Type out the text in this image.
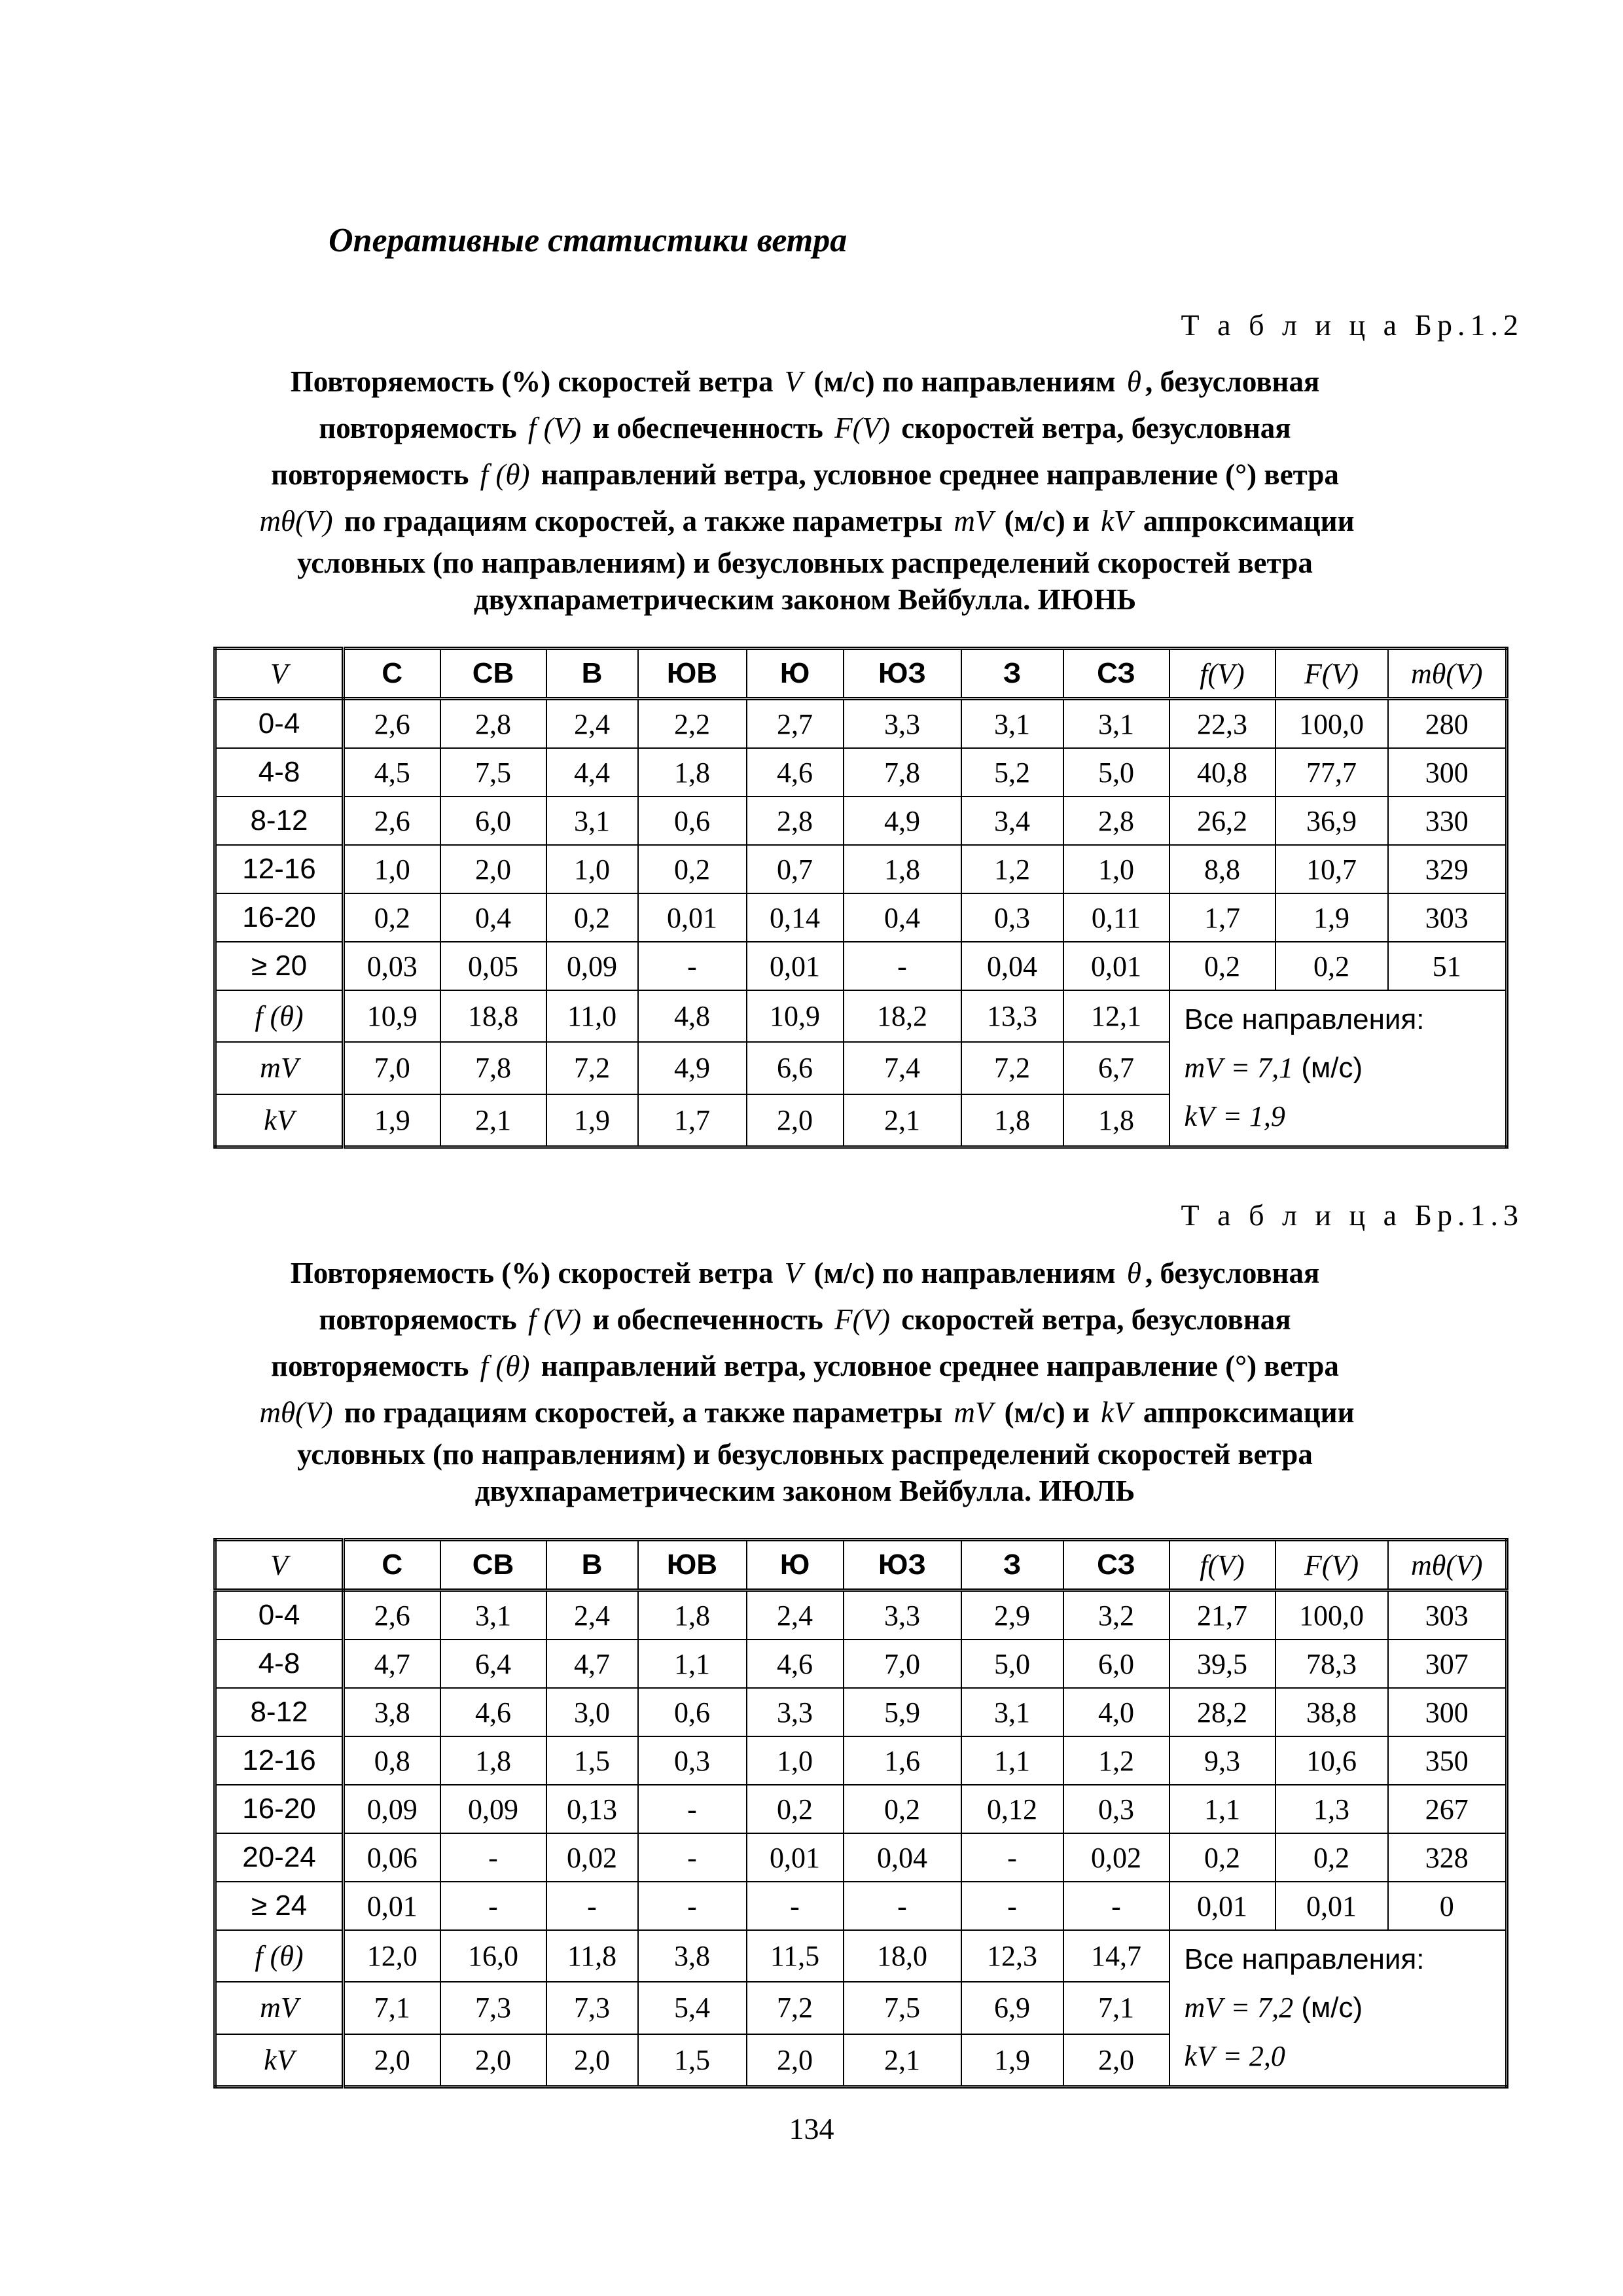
Оперативные статистики ветра
Т а б л и ц а Бр.1.2
Повторяемость (%) скоростей ветра V (м/с) по направлениям θ , безусловная
повторяемость f (V) и обеспеченность F(V) скоростей ветра, безусловная
повторяемость f (θ) направлений ветра, условное среднее направление (°) ветра
mθ(V) по градациям скоростей, а также параметры mV (м/с) и kV аппроксимации
условных (по направлениям) и безусловных распределений скоростей ветра
двухпараметрическим законом Вейбулла. ИЮНЬ
V	С	СВ	В	ЮВ	Ю	ЮЗ	З	СЗ	f(V)	F(V)	mθ(V)
0-4	2,6	2,8	2,4	2,2	2,7	3,3	3,1	3,1	22,3	100,0	280
4-8	4,5	7,5	4,4	1,8	4,6	7,8	5,2	5,0	40,8	77,7	300
8-12	2,6	6,0	3,1	0,6	2,8	4,9	3,4	2,8	26,2	36,9	330
12-16	1,0	2,0	1,0	0,2	0,7	1,8	1,2	1,0	8,8	10,7	329
16-20	0,2	0,4	0,2	0,01	0,14	0,4	0,3	0,11	1,7	1,9	303
≥ 20	0,03	0,05	0,09	-	0,01	-	0,04	0,01	0,2	0,2	51
f (θ)	10,9	18,8	11,0	4,8	10,9	18,2	13,3	12,1	Все направления:
mV = 7,1 (м/с)
kV = 1,9		

mV	7,0	7,8	7,2	4,9	6,6	7,4	7,2	6,7			
kV	1,9	2,1	1,9	1,7	2,0	2,1	1,8	1,8			
Т а б л и ц а Бр.1.3
Повторяемость (%) скоростей ветра V (м/с) по направлениям θ , безусловная
повторяемость f (V) и обеспеченность F(V) скоростей ветра, безусловная
повторяемость f (θ) направлений ветра, условное среднее направление (°) ветра
mθ(V) по градациям скоростей, а также параметры mV (м/с) и kV аппроксимации
условных (по направлениям) и безусловных распределений скоростей ветра
двухпараметрическим законом Вейбулла. ИЮЛЬ
V	С	СВ	В	ЮВ	Ю	ЮЗ	З	СЗ	f(V)	F(V)	mθ(V)
0-4	2,6	3,1	2,4	1,8	2,4	3,3	2,9	3,2	21,7	100,0	303
4-8	4,7	6,4	4,7	1,1	4,6	7,0	5,0	6,0	39,5	78,3	307
8-12	3,8	4,6	3,0	0,6	3,3	5,9	3,1	4,0	28,2	38,8	300
12-16	0,8	1,8	1,5	0,3	1,0	1,6	1,1	1,2	9,3	10,6	350
16-20	0,09	0,09	0,13	-	0,2	0,2	0,12	0,3	1,1	1,3	267
20-24	0,06	-	0,02	-	0,01	0,04	-	0,02	0,2	0,2	328
≥ 24	0,01	-	-	-	-	-	-	-	0,01	0,01	0
f (θ)	12,0	16,0	11,8	3,8	11,5	18,0	12,3	14,7	Все направления:
mV = 7,2 (м/с)
kV = 2,0		

mV	7,1	7,3	7,3	5,4	7,2	7,5	6,9	7,1			
kV	2,0	2,0	2,0	1,5	2,0	2,1	1,9	2,0			
134
